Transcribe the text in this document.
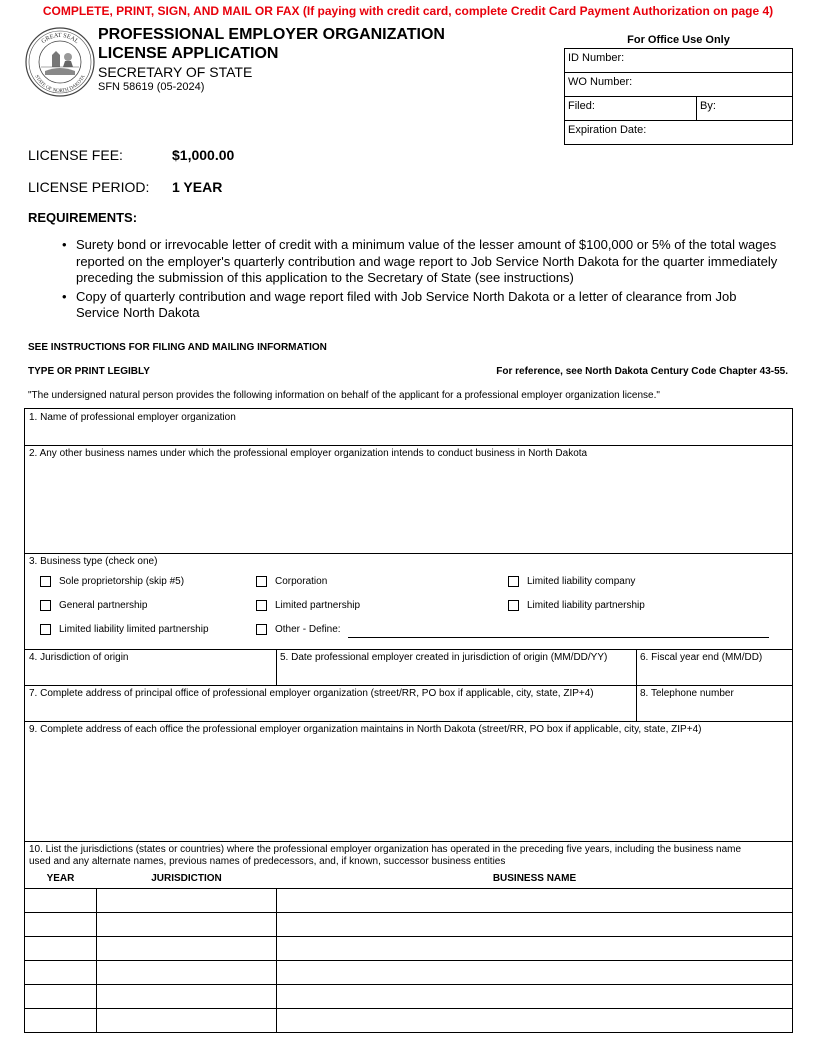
COMPLETE, PRINT, SIGN, AND MAIL OR FAX (If paying with credit card, complete Credit Card Payment Authorization on page 4)
GREAT SEAL
STATE OF NORTH DAKOTA
PROFESSIONAL EMPLOYER ORGANIZATION
LICENSE APPLICATION
SECRETARY OF STATE
SFN 58619 (05-2024)
For Office Use Only
ID Number:
WO Number:
Filed:	By:
Expiration Date:
LICENSE FEE:	$1,000.00
LICENSE PERIOD: 1 YEAR
REQUIREMENTS:
• Surety bond or irrevocable letter of credit with a minimum value of the lesser amount of $100,000 or 5% of the total wages reported on the employer's quarterly contribution and wage report to Job Service North Dakota for the quarter immediately preceding the submission of this application to the Secretary of State (see instructions)
• Copy of quarterly contribution and wage report filed with Job Service North Dakota or a letter of clearance from Job Service North Dakota
SEE INSTRUCTIONS FOR FILING AND MAILING INFORMATION
TYPE OR PRINT LEGIBLY	For reference, see North Dakota Century Code Chapter 43-55.
"The undersigned natural person provides the following information on behalf of the applicant for a professional employer organization license."
1. Name of professional employer organization
2. Any other business names under which the professional employer organization intends to conduct business in North Dakota
3. Business type (check one)
Sole proprietorship (skip #5)	Corporation	Limited liability company
General partnership	Limited partnership	Limited liability partnership
Limited liability limited partnership	Other - Define:
4. Jurisdiction of origin	5. Date professional employer created in jurisdiction of origin (MM/DD/YY)	6. Fiscal year end (MM/DD)
7. Complete address of principal office of professional employer organization (street/RR, PO box if applicable, city, state, ZIP+4)	8. Telephone number
9. Complete address of each office the professional employer organization maintains in North Dakota (street/RR, PO box if applicable, city, state, ZIP+4)
10. List the jurisdictions (states or countries) where the professional employer organization has operated in the preceding five years, including the business name
used and any alternate names, previous names of predecessors, and, if known, successor business entities
YEAR	JURISDICTION	BUSINESS NAME
